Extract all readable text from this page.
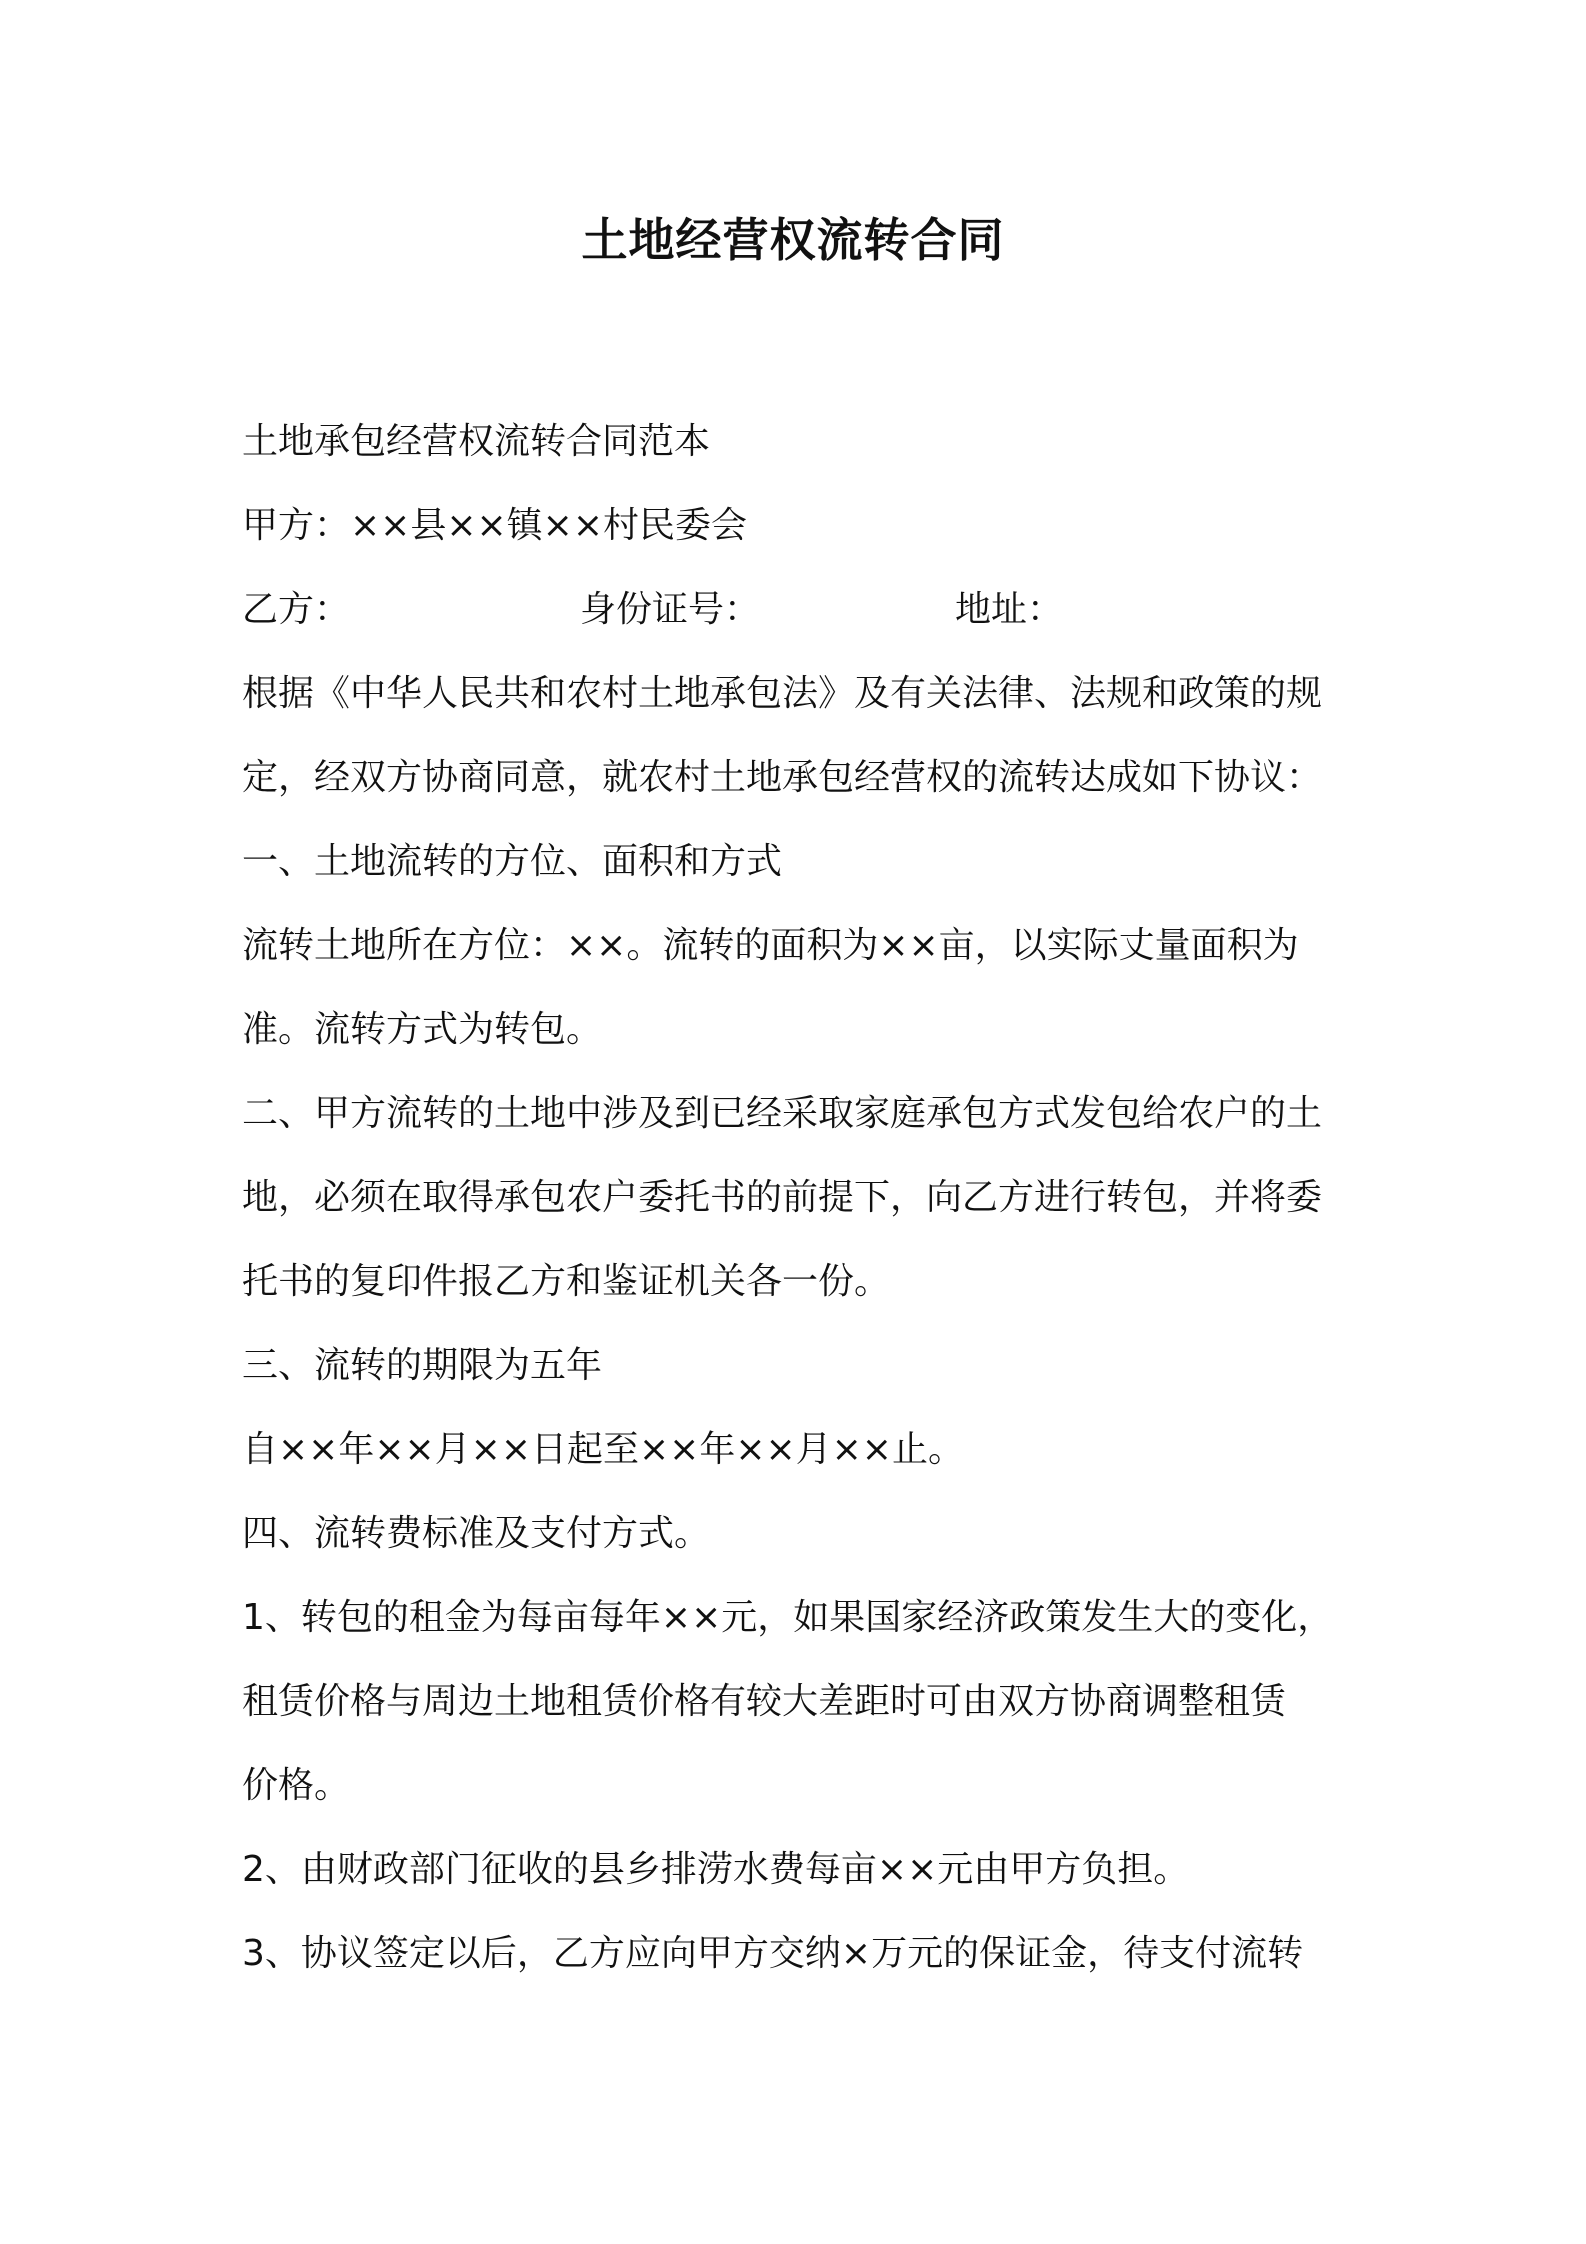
土地经营权流转合同
土地承包经营权流转合同范本
甲方：××县××镇××村民委会
乙方：	身份证号：	地址：
根据《中华人民共和农村土地承包法》及有关法律、法规和政策的规
定，经双方协商同意，就农村土地承包经营权的流转达成如下协议：
一、土地流转的方位、面积和方式
流转土地所在方位：××。流转的面积为××亩，以实际丈量面积为
准。流转方式为转包。
二、甲方流转的土地中涉及到已经采取家庭承包方式发包给农户的土
地，必须在取得承包农户委托书的前提下，向乙方进行转包，并将委
托书的复印件报乙方和鉴证机关各一份。
三、流转的期限为五年
自××年××月××日起至××年××月××止。
四、流转费标准及支付方式。
1、转包的租金为每亩每年××元，如果国家经济政策发生大的变化，
租赁价格与周边土地租赁价格有较大差距时可由双方协商调整租赁
价格。
2、由财政部门征收的县乡排涝水费每亩××元由甲方负担。
3、协议签定以后，乙方应向甲方交纳×万元的保证金，待支付流转
